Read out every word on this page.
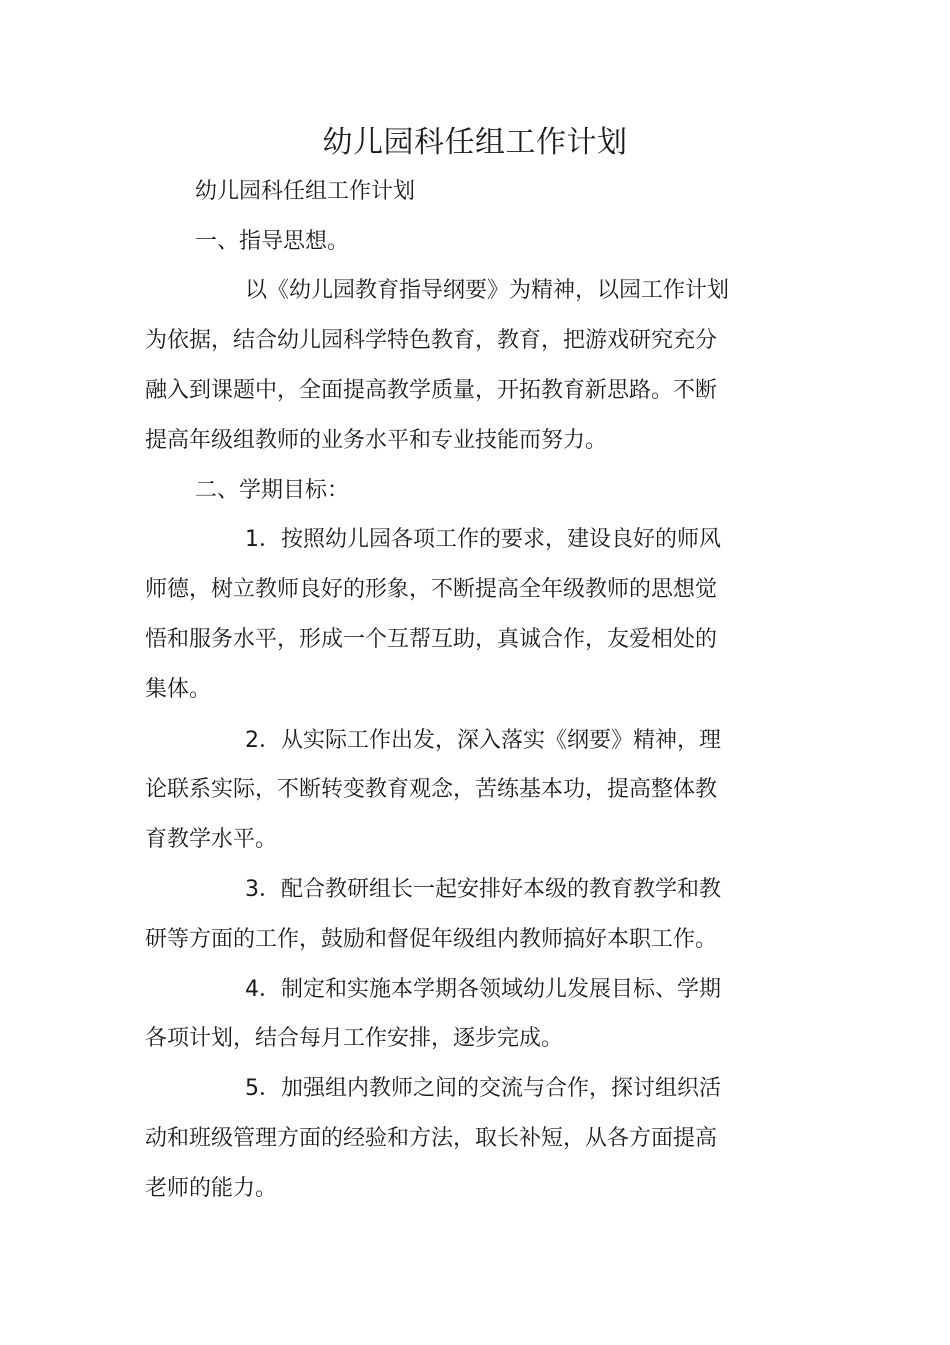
幼儿园科任组工作计划
幼儿园科任组工作计划
一、指导思想。
以《幼儿园教育指导纲要》为精神，以园工作计划
为依据，结合幼儿园科学特色教育，教育，把游戏研究充分
融入到课题中，全面提高教学质量，开拓教育新思路。不断
提高年级组教师的业务水平和专业技能而努力。
二、学期目标：
1．按照幼儿园各项工作的要求，建设良好的师风
师德，树立教师良好的形象，不断提高全年级教师的思想觉
悟和服务水平，形成一个互帮互助，真诚合作，友爱相处的
集体。
2．从实际工作出发，深入落实《纲要》精神，理
论联系实际，不断转变教育观念，苦练基本功，提高整体教
育教学水平。
3．配合教研组长一起安排好本级的教育教学和教
研等方面的工作，鼓励和督促年级组内教师搞好本职工作。
4．制定和实施本学期各领域幼儿发展目标、学期
各项计划，结合每月工作安排，逐步完成。
5．加强组内教师之间的交流与合作，探讨组织活
动和班级管理方面的经验和方法，取长补短，从各方面提高
老师的能力。
